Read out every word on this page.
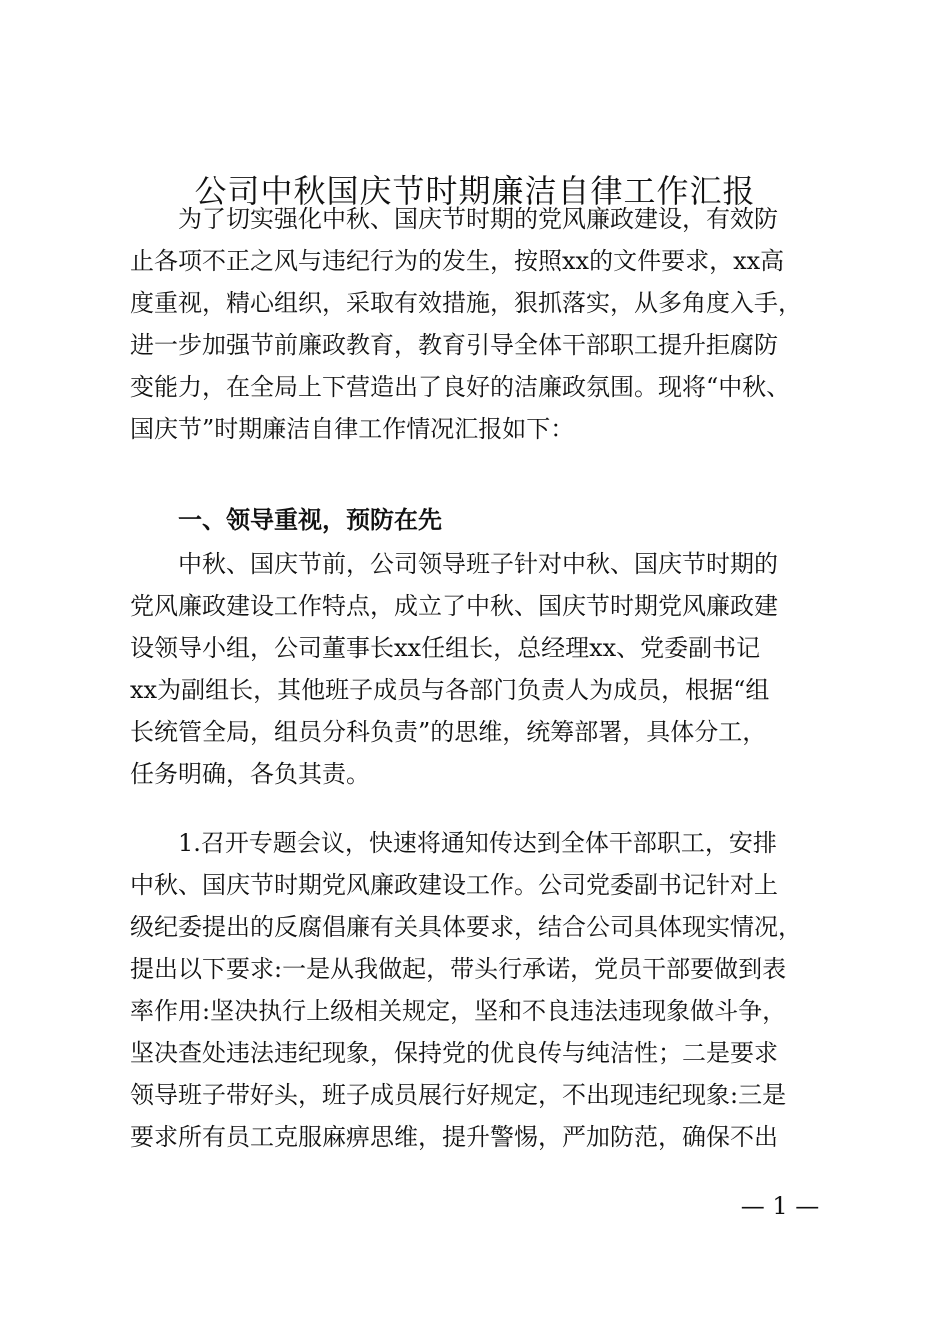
公司中秋国庆节时期廉洁自律工作汇报

　　为了切实强化中秋、国庆节时期的党风廉政建设，有效防
止各项不正之风与违纪行为的发生，按照xx的文件要求，xx高
度重视，精心组织，采取有效措施，狠抓落实，从多角度入手，
进一步加强节前廉政教育，教育引导全体干部职工提升拒腐防
变能力，在全局上下营造出了良好的洁廉政氛围。现将“中秋、
国庆节”时期廉洁自律工作情况汇报如下：

一、领导重视，预防在先

　　中秋、国庆节前，公司领导班子针对中秋、国庆节时期的
党风廉政建设工作特点，成立了中秋、国庆节时期党风廉政建
设领导小组，公司董事长xx任组长，总经理xx、党委副书记
xx为副组长，其他班子成员与各部门负责人为成员，根据“组
长统管全局，组员分科负责”的思维，统筹部署，具体分工，
任务明确，各负其责。

　　1.召开专题会议，快速将通知传达到全体干部职工，安排
中秋、国庆节时期党风廉政建设工作。公司党委副书记针对上
级纪委提出的反腐倡廉有关具体要求，结合公司具体现实情况，
提出以下要求:一是从我做起，带头行承诺，党员干部要做到表
率作用:坚决执行上级相关规定，坚和不良违法违现象做斗争，
坚决查处违法违纪现象，保持党的优良传与纯洁性；二是要求
领导班子带好头，班子成员展行好规定，不出现违纪现象:三是
要求所有员工克服麻痹思维，提升警惕，严加防范，确保不出

— 1 —
